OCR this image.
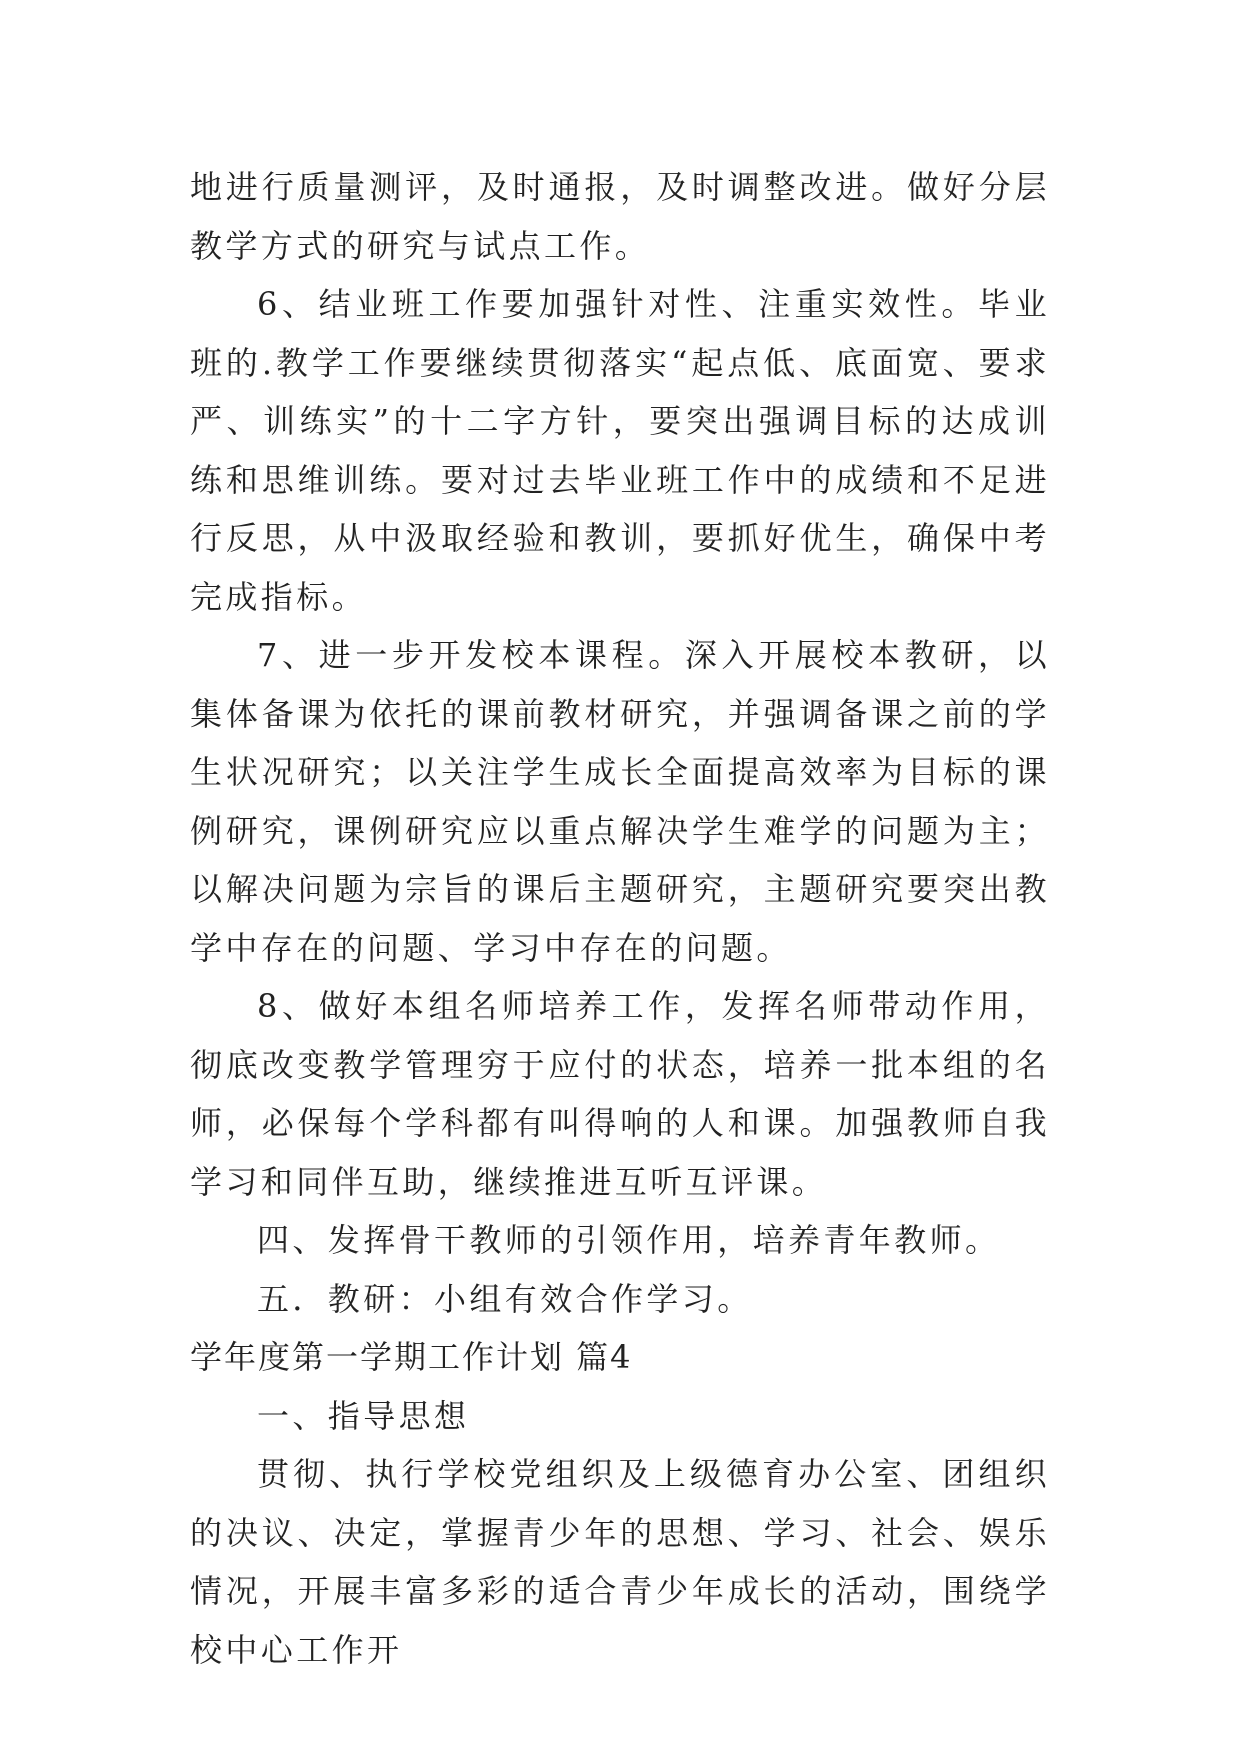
地进行质量测评，及时通报，及时调整改进。做好分层教学方式的研究与试点工作。

6、结业班工作要加强针对性、注重实效性。毕业班的.教学工作要继续贯彻落实“起点低、底面宽、要求严、训练实”的十二字方针，要突出强调目标的达成训练和思维训练。要对过去毕业班工作中的成绩和不足进行反思，从中汲取经验和教训，要抓好优生，确保中考完成指标。

7、进一步开发校本课程。深入开展校本教研，以集体备课为依托的课前教材研究，并强调备课之前的学生状况研究；以关注学生成长全面提高效率为目标的课例研究，课例研究应以重点解决学生难学的问题为主；以解决问题为宗旨的课后主题研究，主题研究要突出教学中存在的问题、学习中存在的问题。

8、做好本组名师培养工作，发挥名师带动作用，彻底改变教学管理穷于应付的状态，培养一批本组的名师，必保每个学科都有叫得响的人和课。加强教师自我学习和同伴互助，继续推进互听互评课。

四、发挥骨干教师的引领作用，培养青年教师。

五．教研：小组有效合作学习。

学年度第一学期工作计划 篇4

一、指导思想

贯彻、执行学校党组织及上级德育办公室、团组织的决议、决定，掌握青少年的思想、学习、社会、娱乐情况，开展丰富多彩的适合青少年成长的活动，围绕学校中心工作开
